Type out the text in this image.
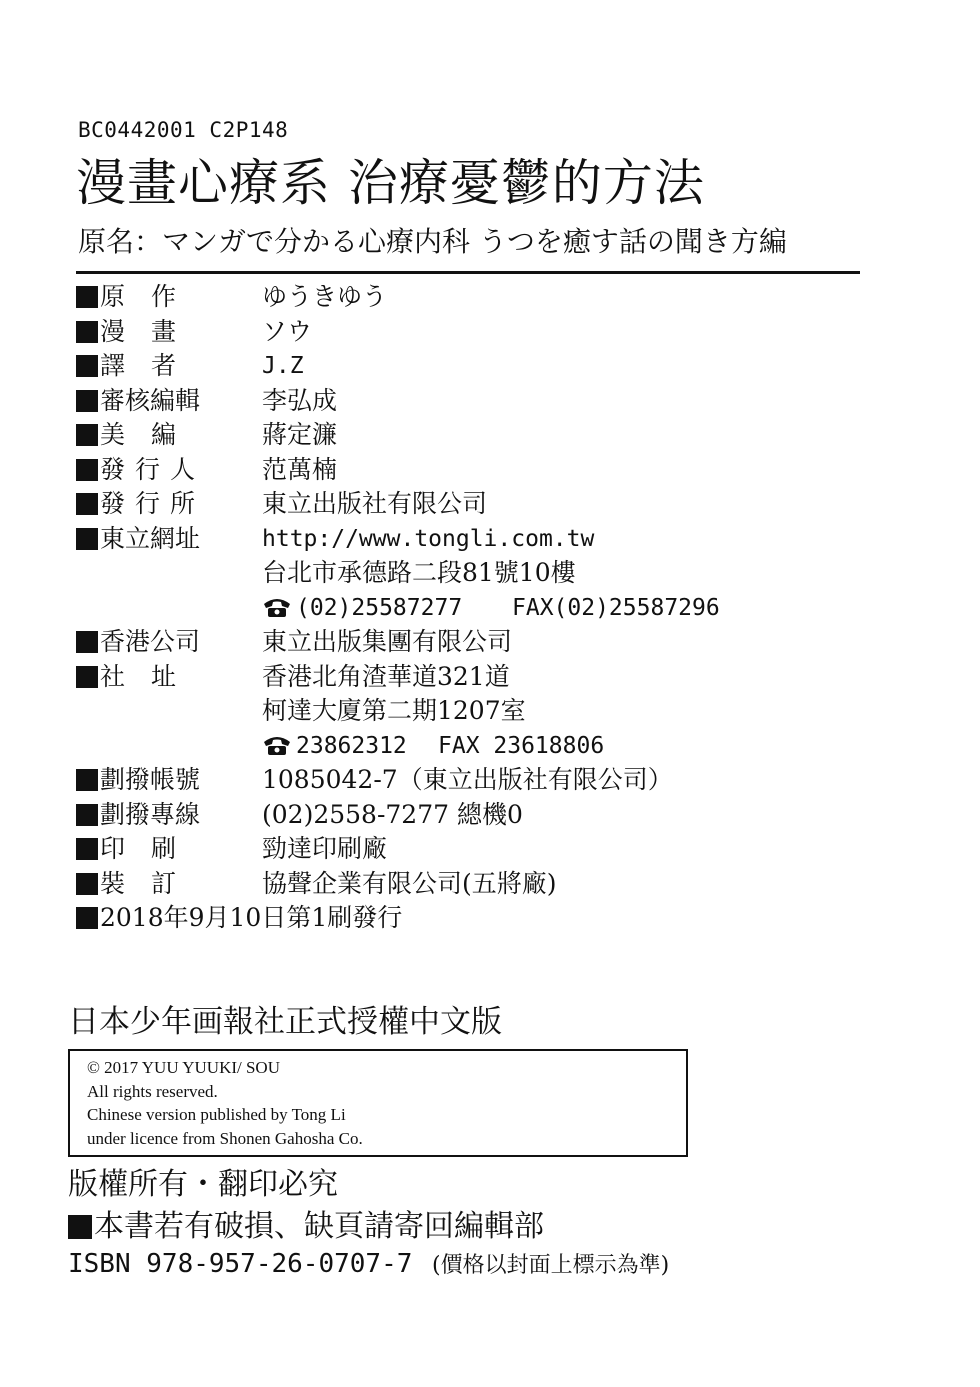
BC0442001 C2P148
漫畫心療系 治療憂鬱的方法
原名：マンガで分かる心療内科 うつを癒す話の聞き方編
原作	ゆうきゆう
漫畫	ソウ
譯者	J.Z
審核編輯	李弘成
美編	蔣定濂
發行人	范萬楠
發行所	東立出版社有限公司
東立網址	http://www.tongli.com.tw
台北市承德路二段81號10樓
(02)25587277 FAX(02)25587296
香港公司	東立出版集團有限公司
社址	香港北角渣華道321道
柯達大廈第二期1207室
23862312 FAX 23618806
劃撥帳號	1085042-7（東立出版社有限公司）
劃撥專線	(02)2558-7277 總機0
印刷	勁達印刷廠
裝訂	協聲企業有限公司(五將廠)
2018年9月10日第1刷發行
日本少年画報社正式授權中文版
© 2017 YUU YUUKI/ SOU
All rights reserved.
Chinese version published by Tong Li
under licence from Shonen Gahosha Co.
版權所有・翻印必究
本書若有破損、缺頁請寄回編輯部
ISBN 978-957-26-0707-7 (價格以封面上標示為準)
